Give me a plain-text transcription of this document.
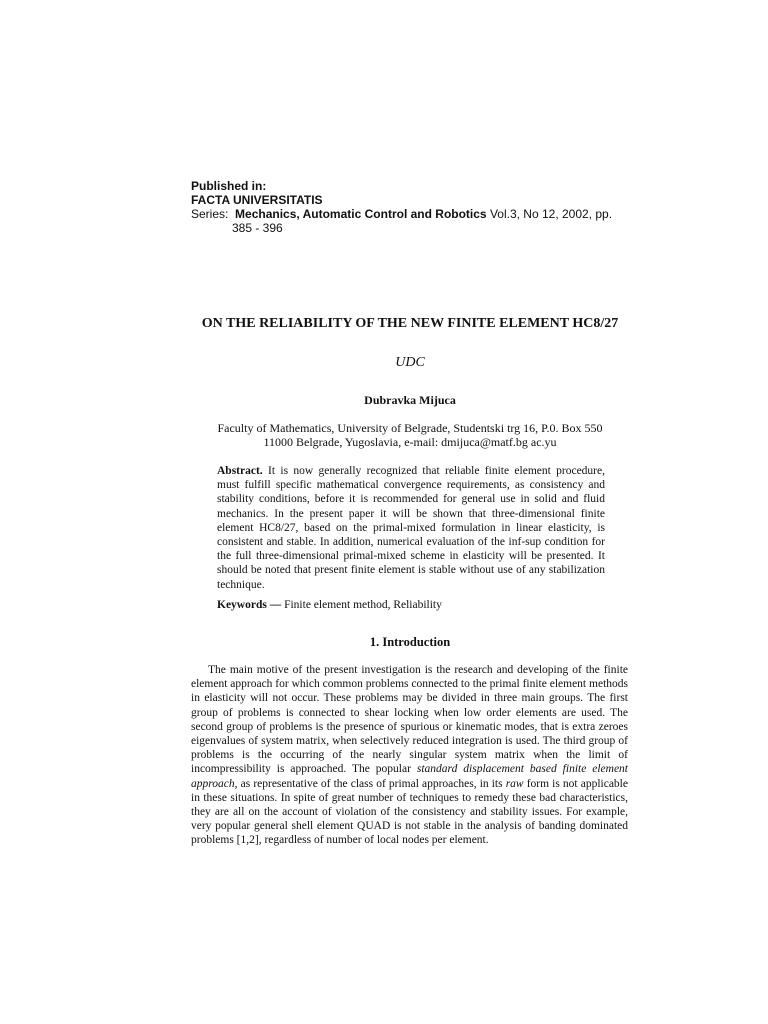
Published in:
FACTA UNIVERSITATIS
Series: Mechanics, Automatic Control and Robotics Vol.3, No 12, 2002, pp.
385 - 396
ON THE RELIABILITY OF THE NEW FINITE ELEMENT HC8/27
UDC
Dubravka Mijuca
Faculty of Mathematics, University of Belgrade, Studentski trg 16, P.0. Box 550
11000 Belgrade, Yugoslavia, e-mail: dmijuca@matf.bg ac.yu
Abstract. It is now generally recognized that reliable finite element procedure, must fulfill specific mathematical convergence requirements, as consistency and stability conditions, before it is recommended for general use in solid and fluid mechanics. In the present paper it will be shown that three-dimensional finite element HC8/27, based on the primal-mixed formulation in linear elasticity, is consistent and stable. In addition, numerical evaluation of the inf-sup condition for the full three-dimensional primal-mixed scheme in elasticity will be presented. It should be noted that present finite element is stable without use of any stabilization technique.
Keywords — Finite element method, Reliability
1. Introduction
The main motive of the present investigation is the research and developing of the finite element approach for which common problems connected to the primal finite element methods in elasticity will not occur. These problems may be divided in three main groups. The first group of problems is connected to shear locking when low order elements are used. The second group of problems is the presence of spurious or kinematic modes, that is extra zeroes eigenvalues of system matrix, when selectively reduced integration is used. The third group of problems is the occurring of the nearly singular system matrix when the limit of incompressibility is approached. The popular standard displacement based finite element approach, as representative of the class of primal approaches, in its raw form is not applicable in these situations. In spite of great number of techniques to remedy these bad characteristics, they are all on the account of violation of the consistency and stability issues. For example, very popular general shell element QUAD is not stable in the analysis of banding dominated problems [1,2], regardless of number of local nodes per element.
